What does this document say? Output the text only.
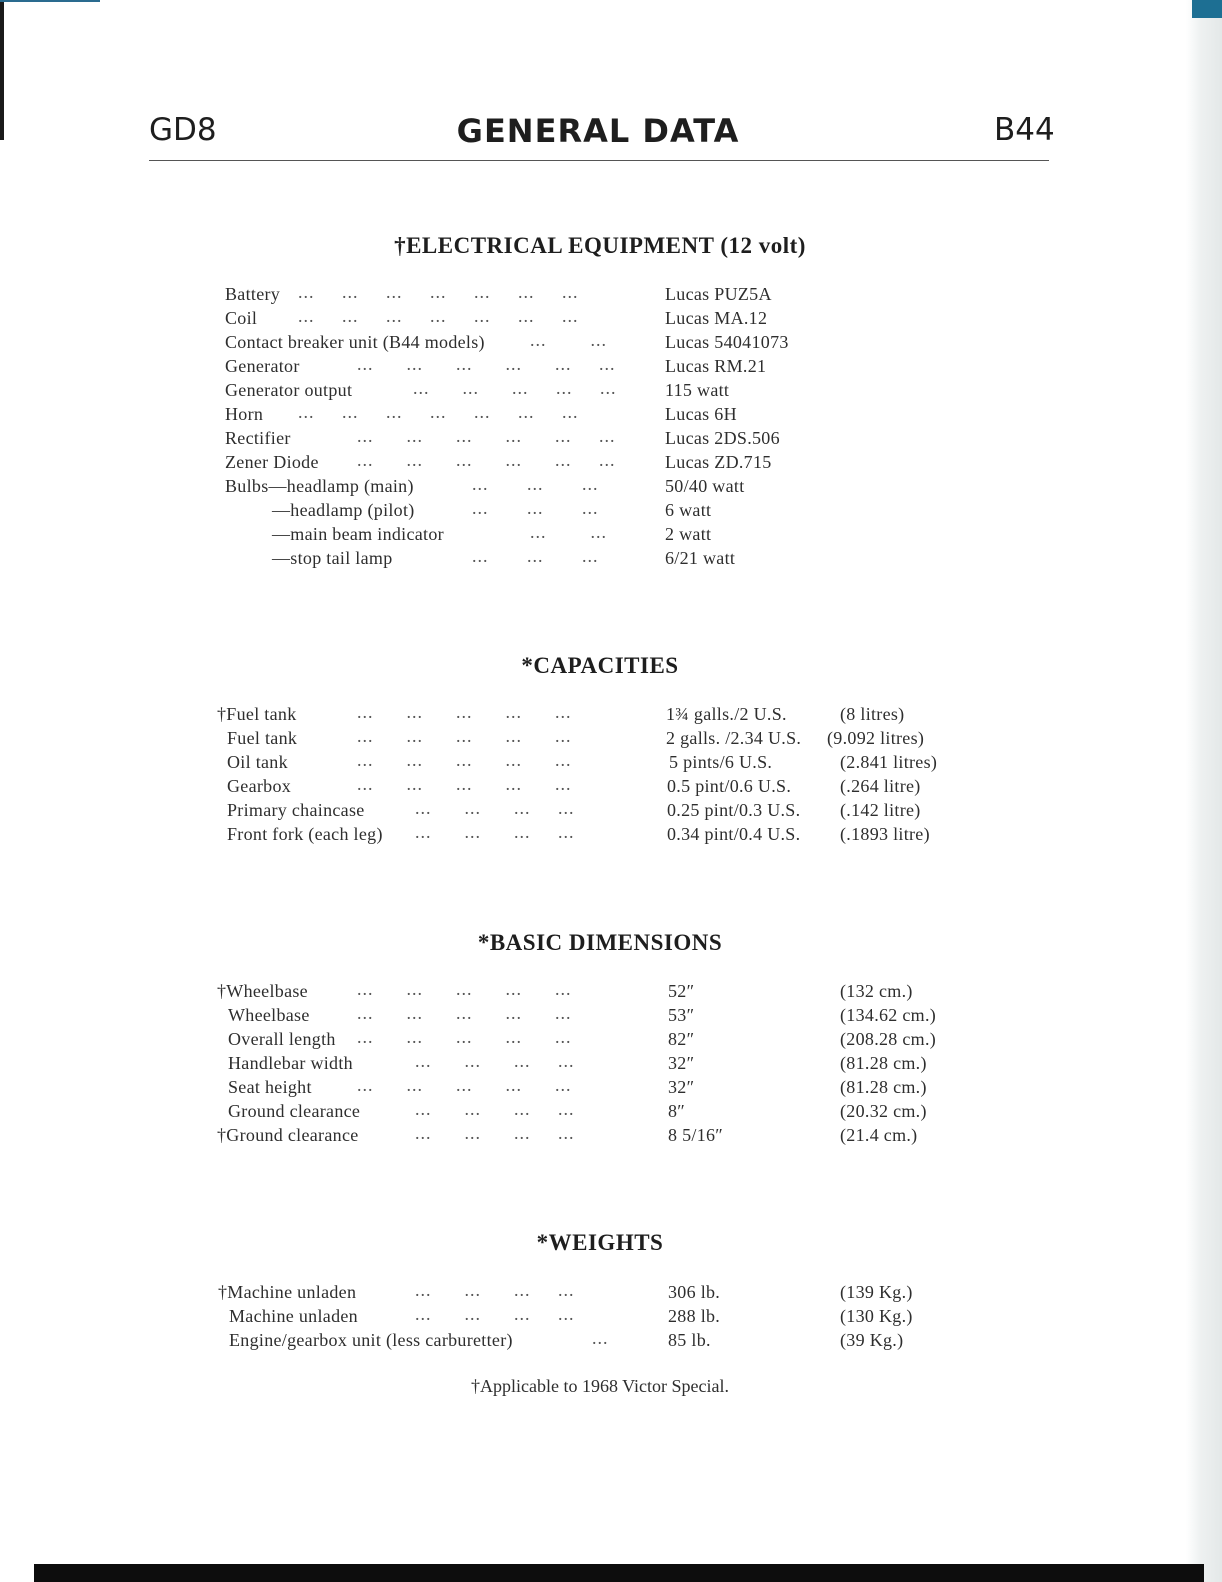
GD8	GENERAL DATA	B44
†ELECTRICAL EQUIPMENT (12 volt)
Battery ...     ...     ...     ...     ...     ...     ...	Lucas PUZ5A
Coil ...     ...     ...     ...     ...     ...     ...	Lucas MA.12
Contact breaker unit (B44 models)	...        ...	Lucas 54041073
Generator	...      ...      ...      ...      ...     ...	Lucas RM.21
Generator output	...      ...      ...     ...     ...	115 watt
Horn ...     ...     ...     ...     ...     ...     ...	Lucas 6H
Rectifier	...      ...      ...      ...      ...     ...	Lucas 2DS.506
Zener Diode ...      ...      ...      ...      ...     ...	Lucas ZD.715
Bulbs—headlamp (main)	...       ...       ...	50/40 watt
—headlamp (pilot)	...       ...       ...	6 watt
—main beam indicator	...        ...	2 watt
—stop tail lamp	...       ...       ...	6/21 watt
*CAPACITIES
†Fuel tank	...      ...      ...      ...      ...	1¾ galls./2 U.S.	(8 litres)
Fuel tank	...      ...      ...      ...      ...	2 galls. /2.34 U.S. (9.092 litres)
Oil tank	...      ...      ...      ...      ...	5 pints/6 U.S.	(2.841 litres)
Gearbox	...      ...      ...      ...      ...	0.5 pint/0.6 U.S.	(.264 litre)
Primary chaincase	...      ...      ...     ...	0.25 pint/0.3 U.S. (.142 litre)
Front fork (each leg) ...      ...      ...     ...	0.34 pint/0.4 U.S. (.1893 litre)
*BASIC DIMENSIONS
†Wheelbase	...      ...      ...      ...      ...	52″	(132 cm.)
Wheelbase	...      ...      ...      ...      ...	53″	(134.62 cm.)
Overall length ...      ...      ...      ...      ...	82″	(208.28 cm.)
Handlebar width	...      ...      ...     ...	32″	(81.28 cm.)
Seat height	...      ...      ...      ...      ...	32″	(81.28 cm.)
Ground clearance	...      ...      ...     ...	8″	(20.32 cm.)
†Ground clearance	...      ...      ...     ...	8 5/16″	(21.4 cm.)
*WEIGHTS
†Machine unladen	...      ...      ...     ...	306 lb.	(139 Kg.)
Machine unladen	...      ...      ...     ...	288 lb.	(130 Kg.)
Engine/gearbox unit (less carburetter)	...	85 lb.	(39 Kg.)
†Applicable to 1968 Victor Special.
